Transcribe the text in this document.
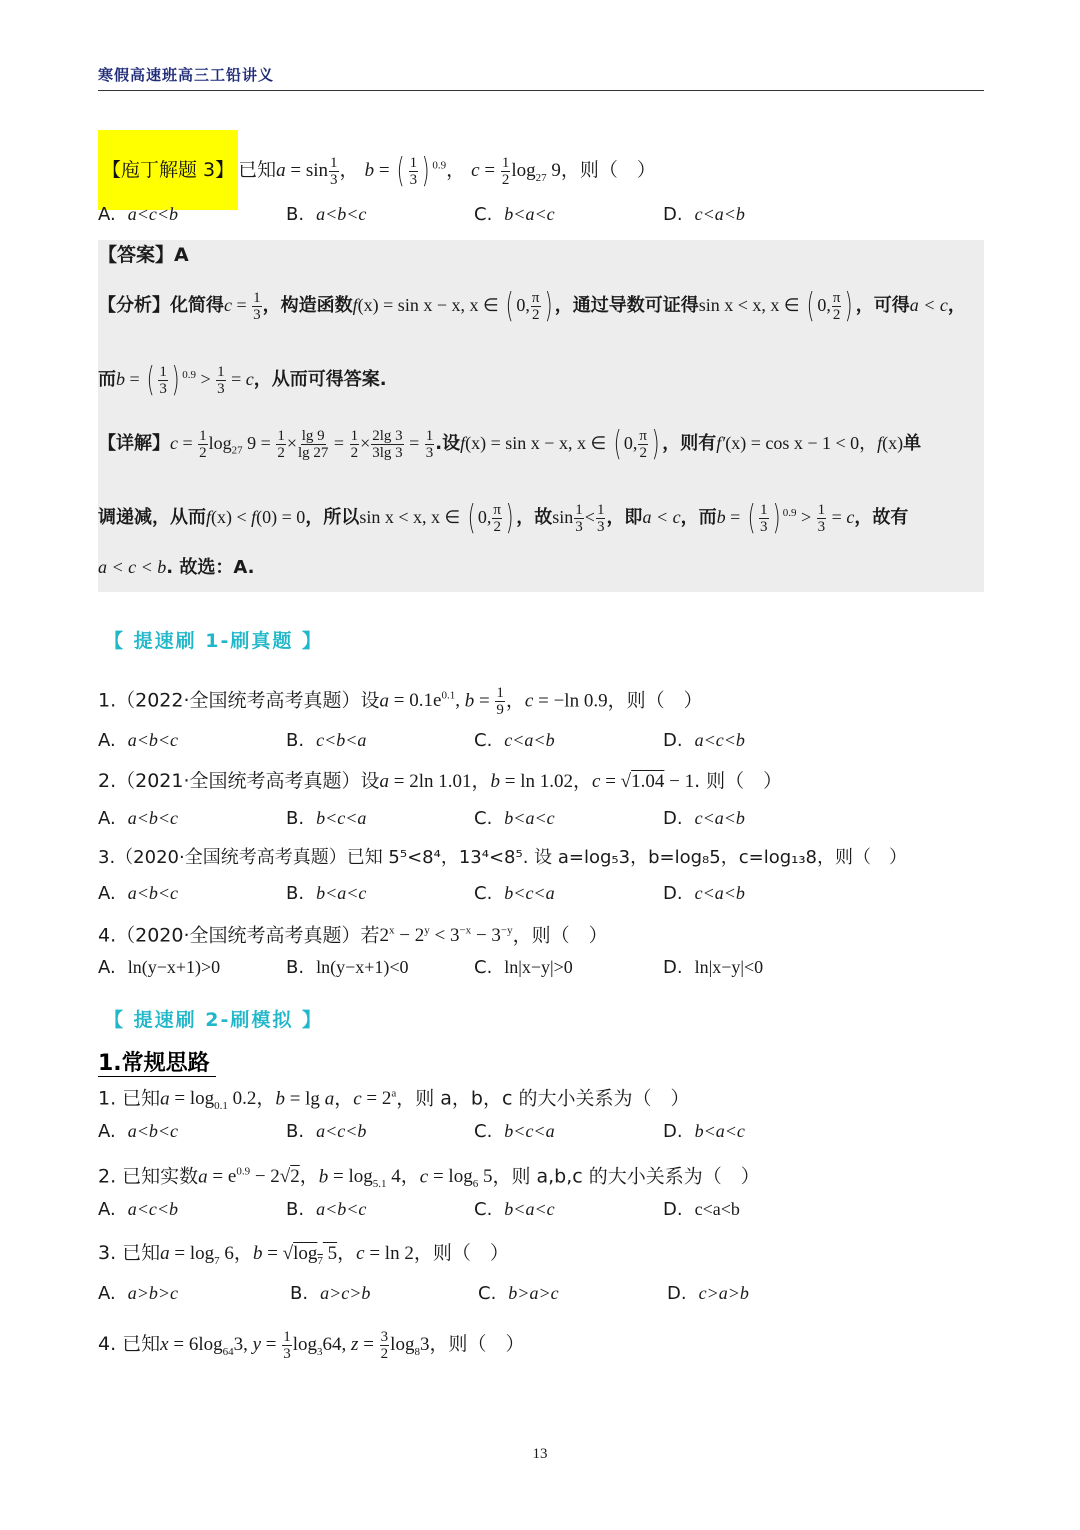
寒假高速班高三工铅讲义
【庖丁解题 3】 已知$a = \sin \frac{1}{3}$ ， b = ( $\frac{1}{3}$ ) $^{0.9}$， $c = \frac{1}{2} \log_{27} 9$，则（　）
A. a<c<b	B. a<b<c	C. b<a<c	D. c<a<b
【答案】A
【分析】化简得$c = \frac{1}{3}$ ，构造函数f(x) = sin x − x, x ∈ ( 0, $\frac{\pi}{2}$ ) ，通过导数可证得sin x < x, x ∈ ( 0, $\frac{\pi}{2}$ ) ，可得a < c，
而b = ( $\frac{1}{3}$ ) $^{0.9} > \frac{1}{3} = c$，从而可得答案.
【详解】$c = \frac{1}{2} \log_{27} 9 = \frac{1}{2} \times \frac{\lg 9}{\lg 27} = \frac{1}{2} \times \frac{2\lg 3}{3\lg 3} = \frac{1}{3}$ .设f(x) = sin x − x, x ∈ ( 0, $\frac{\pi}{2}$ ) ，则有f′(x) = cos x − 1 < 0，f(x)单
调递减，从而f(x) < f(0) = 0，所以sin x < x, x ∈ ( 0, $\frac{\pi}{2}$ ) ，故$\sin \frac{1}{3} < \frac{1}{3}$ ，即a < c，而b = ( $\frac{1}{3}$ ) $^{0.9} > \frac{1}{3} = c$，故有
a < c < b. 故选：A.
【 提速刷 1-刷真题 】
1.（2022·全国统考高考真题）设$a = 0.1e^{0.1}$, $b = \frac{1}{9}$ ，c = −ln 0.9，则（　）
A. a<b<c	B. c<b<a	C. c<a<b	D. a<c<b
2.（2021·全国统考高考真题）设a = 2ln 1.01，b = ln 1.02，c = √1.04 − 1. 则（　）
A. a<b<c	B. b<c<a	C. b<a<c	D. c<a<b
3.（2020·全国统考高考真题）已知 5⁵<8⁴，13⁴<8⁵. 设 a=log₅3，b=log₈5，c=log₁₃8，则（　）
A. a<b<c	B. b<a<c	C. b<c<a	D. c<a<b
4.（2020·全国统考高考真题）若$2^x - 2^y < 3^{-x} - 3^{-y}$，则（　）
A. ln(y−x+1)>0	B. ln(y−x+1)<0	C. ln|x−y|>0	D. ln|x−y|<0
【 提速刷 2-刷模拟 】
1.常规思路
1. 已知$a = \log_{0.1} 0.2$，b = lg a，$c = 2^a$，则 a，b，c 的大小关系为（　）
A. a<b<c	B. a<c<b	C. b<c<a	D. b<a<c
2. 已知实数$a = e^{0.9} - 2√2$，$b = \log_{5.1} 4$，$c = \log_6 5$，则 a,b,c 的大小关系为（　）
A. a<c<b	B. a<b<c	C. b<a<c	D. c<a<b
3. 已知$a = \log_7 6$，$b = √\log_7$ 5，c = ln 2，则（　）
A. a>b>c	B. a>c>b	C. b>a>c	D. c>a>b
4. 已知$x = 6\log_{64}3$, $y = \frac{1}{3} \log_364$, $z = \frac{3}{2} \log_83$，则（　）
13
